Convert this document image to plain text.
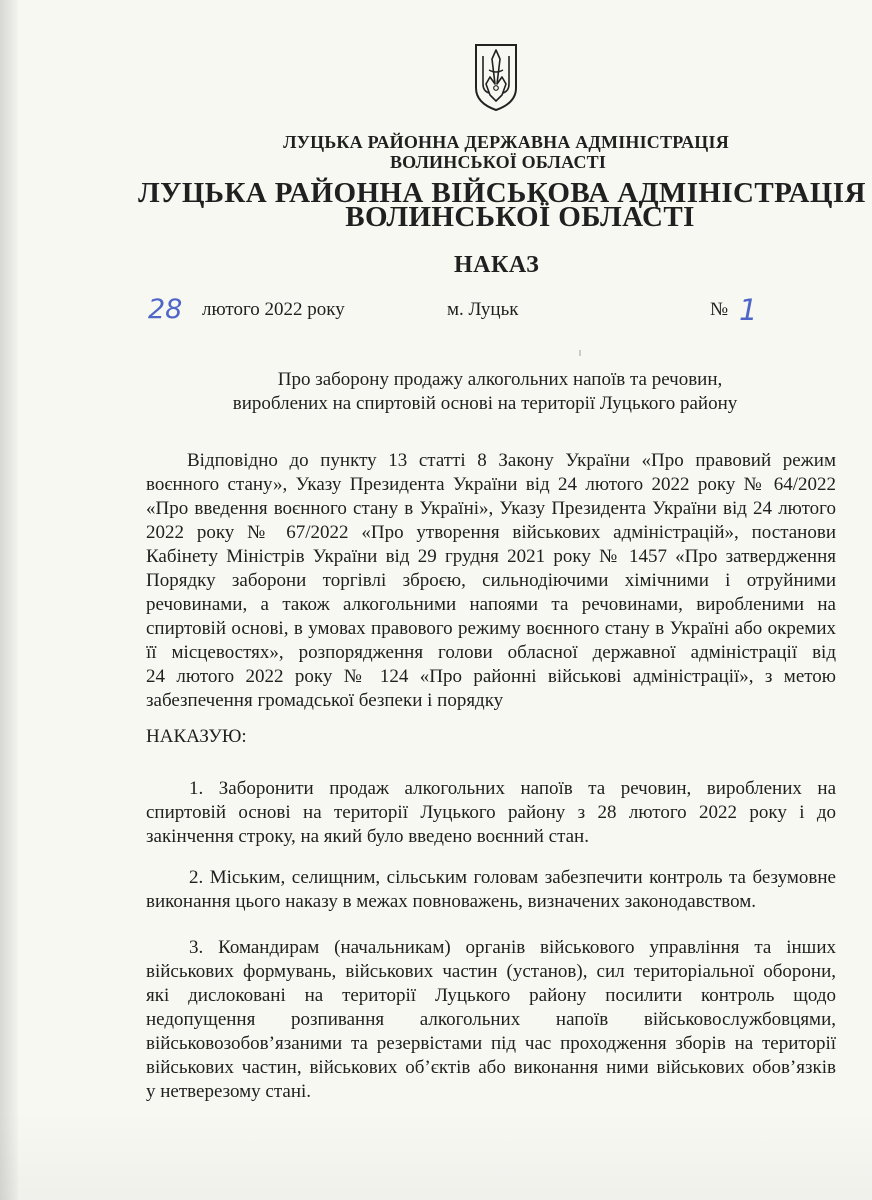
ЛУЦЬКА РАЙОННА ДЕРЖАВНА АДМІНІСТРАЦІЯ
ВОЛИНСЬКОЇ ОБЛАСТІ
ЛУЦЬКА РАЙОННА ВІЙСЬКОВА АДМІНІСТРАЦІЯ
ВОЛИНСЬКОЇ ОБЛАСТІ
НАКАЗ
28 лютого 2022 року	м. Луцьк	№ 1
Про заборону продажу алкогольних напоїв та речовин,
вироблених на спиртовій основі на території Луцького району
Відповідно до пункту 13 статті 8 Закону України «Про правовий режим
воєнного стану», Указу Президента України від 24 лютого 2022 року № 64/2022
«Про введення воєнного стану в Україні», Указу Президента України від 24 лютого
2022 року № 67/2022 «Про утворення військових адміністрацій», постанови
Кабінету Міністрів України від 29 грудня 2021 року № 1457 «Про затвердження
Порядку заборони торгівлі зброєю, сильнодіючими хімічними і отруйними
речовинами, а також алкогольними напоями та речовинами, виробленими на
спиртовій основі, в умовах правового режиму воєнного стану в Україні або окремих
її місцевостях», розпорядження голови обласної державної адміністрації від
24 лютого 2022 року № 124 «Про районні військові адміністрації», з метою
забезпечення громадської безпеки і порядку
НАКАЗУЮ:
1. Заборонити продаж алкогольних напоїв та речовин, вироблених на
спиртовій основі на території Луцького району з 28 лютого 2022 року і до
закінчення строку, на який було введено воєнний стан.
2. Міським, селищним, сільським головам забезпечити контроль та безумовне
виконання цього наказу в межах повноважень, визначених законодавством.
3. Командирам (начальникам) органів військового управління та інших
військових формувань, військових частин (установ), сил територіальної оборони,
які дислоковані на території Луцького району посилити контроль щодо
недопущення розпивання алкогольних напоїв військовослужбовцями,
військовозобов’язаними та резервістами під час проходження зборів на території
військових частин, військових об’єктів або виконання ними військових обов’язків
у нетверезому стані.
